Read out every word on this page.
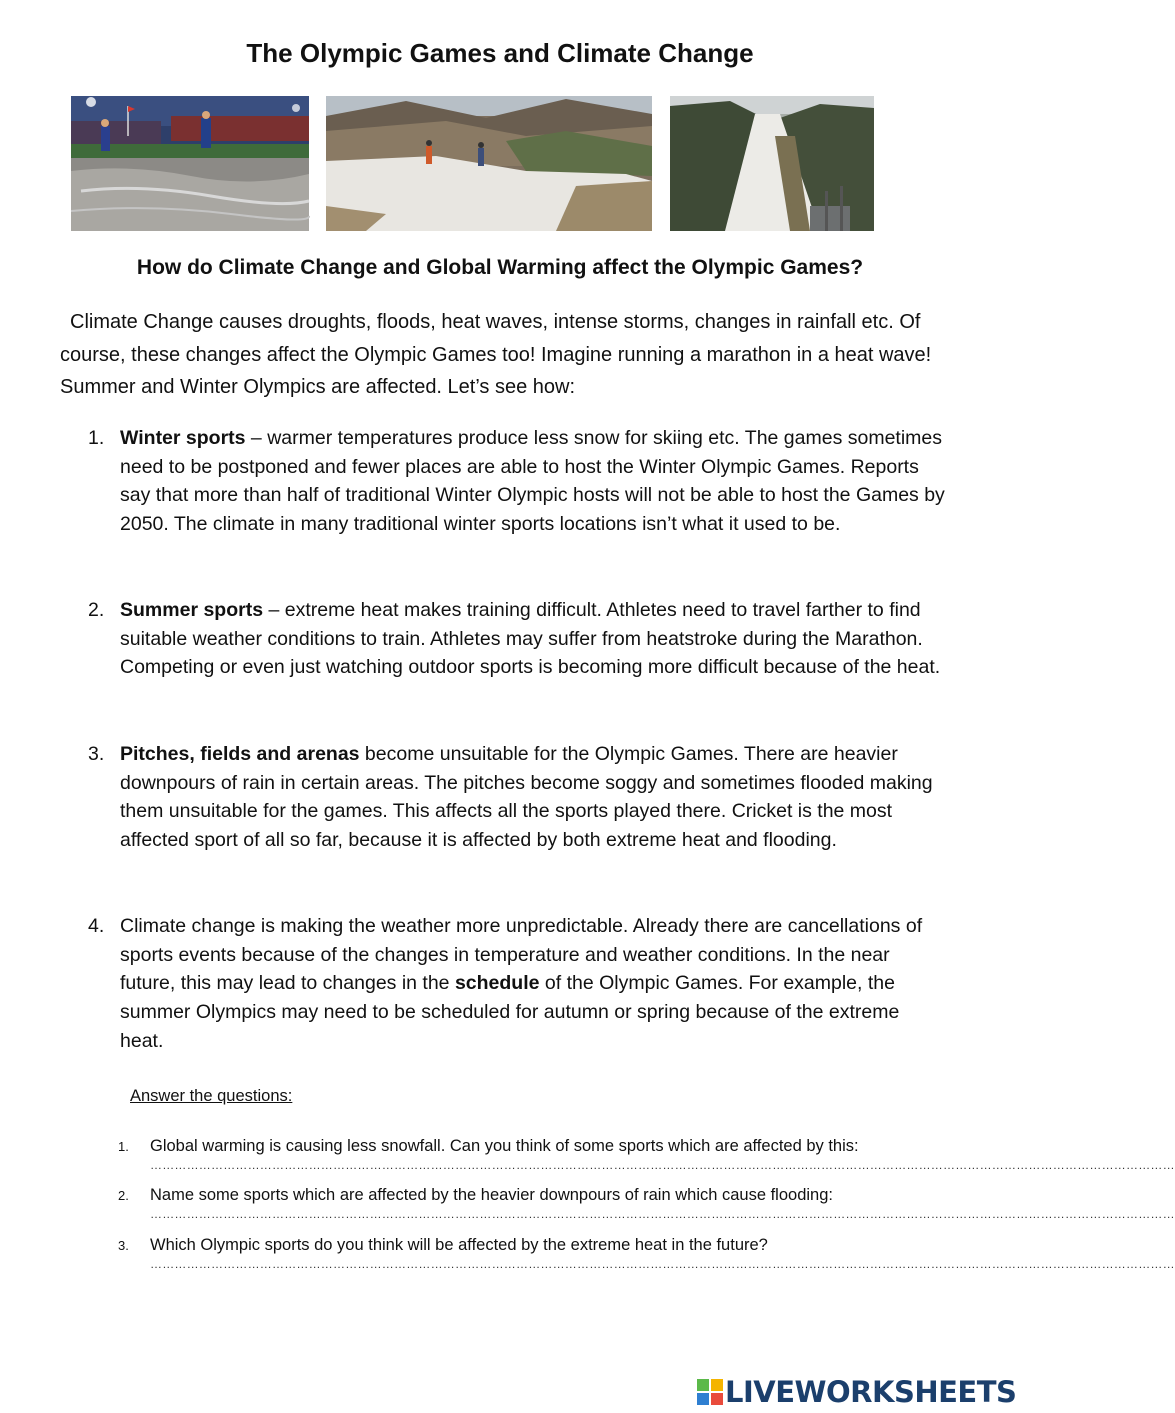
The Olympic Games and Climate Change
How do Climate Change and Global Warming affect the Olympic Games?
Climate Change causes droughts, floods, heat waves, intense storms, changes in rainfall etc. Of course, these changes affect the Olympic Games too! Imagine running a marathon in a heat wave! Summer and Winter Olympics are affected. Let’s see how:
1. Winter sports – warmer temperatures produce less snow for skiing etc. The games sometimes need to be postponed and fewer places are able to host the Winter Olympic Games. Reports say that more than half of traditional Winter Olympic hosts will not be able to host the Games by 2050. The climate in many traditional winter sports locations isn’t what it used to be.
2. Summer sports – extreme heat makes training difficult. Athletes need to travel farther to find suitable weather conditions to train. Athletes may suffer from heatstroke during the Marathon. Competing or even just watching outdoor sports is becoming more difficult because of the heat.
3. Pitches, fields and arenas become unsuitable for the Olympic Games. There are heavier downpours of rain in certain areas. The pitches become soggy and sometimes flooded making them unsuitable for the games. This affects all the sports played there. Cricket is the most affected sport of all so far, because it is affected by both extreme heat and flooding.
4. Climate change is making the weather more unpredictable. Already there are cancellations of sports events because of the changes in temperature and weather conditions. In the near future, this may lead to changes in the schedule of the Olympic Games. For example, the summer Olympics may need to be scheduled for autumn or spring because of the extreme heat.
Answer the questions:
1. Global warming is causing less snowfall. Can you think of some sports which are affected by this:
………………………………………………………………………………………………………………………………………………………………………………………………………………………………
2. Name some sports which are affected by the heavier downpours of rain which cause flooding:
………………………………………………………………………………………………………………………………………………………………………………………………………………………………
3. Which Olympic sports do you think will be affected by the extreme heat in the future?
………………………………………………………………………………………………………………………………………………………………………………………………………………………………
LIVEWORKSHEETS
